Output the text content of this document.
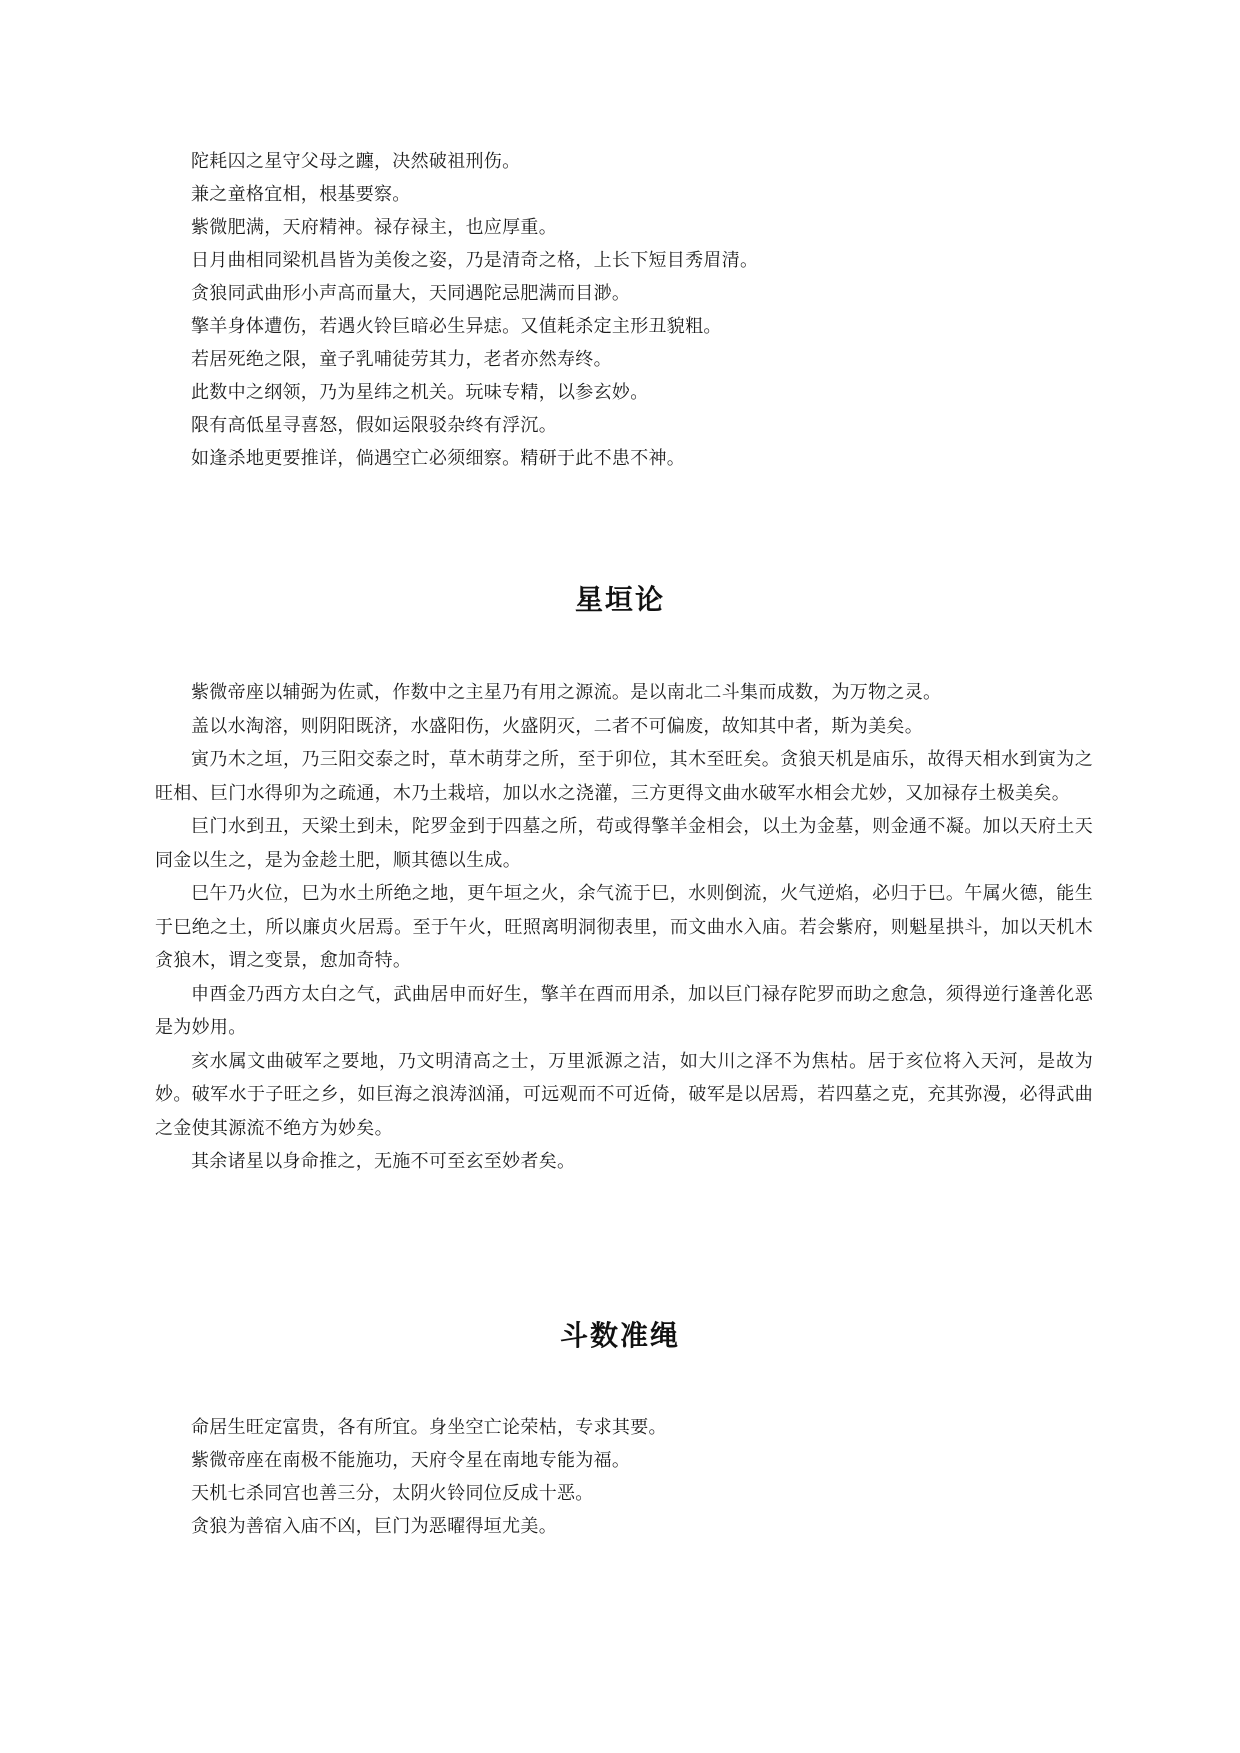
陀耗囚之星守父母之躔，决然破祖刑伤。
兼之童格宜相，根基要察。
紫微肥满，天府精神。禄存禄主，也应厚重。
日月曲相同梁机昌皆为美俊之姿，乃是清奇之格，上长下短目秀眉清。
贪狼同武曲形小声高而量大，天同遇陀忌肥满而目渺。
擎羊身体遭伤，若遇火铃巨暗必生异痣。又值耗杀定主形丑貌粗。
若居死绝之限，童子乳哺徒劳其力，老者亦然寿终。
此数中之纲领，乃为星纬之机关。玩味专精，以参玄妙。
限有高低星寻喜怒，假如运限驳杂终有浮沉。
如逢杀地更要推详，倘遇空亡必须细察。精研于此不患不神。
星垣论

紫微帝座以辅弼为佐贰，作数中之主星乃有用之源流。是以南北二斗集而成数，为万物之灵。

盖以水淘溶，则阴阳既济，水盛阳伤，火盛阴灭，二者不可偏废，故知其中者，斯为美矣。

寅乃木之垣，乃三阳交泰之时，草木萌芽之所，至于卯位，其木至旺矣。贪狼天机是庙乐，故得天相水到寅为之旺相、巨门水得卯为之疏通，木乃土栽培，加以水之浇灌，三方更得文曲水破军水相会尤妙，又加禄存土极美矣。

巨门水到丑，天梁土到未，陀罗金到于四墓之所，苟或得擎羊金相会，以土为金墓，则金通不凝。加以天府土天同金以生之，是为金趁土肥，顺其德以生成。

巳午乃火位，巳为水土所绝之地，更午垣之火，余气流于巳，水则倒流，火气逆焰，必归于巳。午属火德，能生于巳绝之土，所以廉贞火居焉。至于午火，旺照离明洞彻表里，而文曲水入庙。若会紫府，则魁星拱斗，加以天机木贪狼木，谓之变景，愈加奇特。

申酉金乃西方太白之气，武曲居申而好生，擎羊在酉而用杀，加以巨门禄存陀罗而助之愈急，须得逆行逢善化恶是为妙用。

亥水属文曲破军之要地，乃文明清高之士，万里派源之洁，如大川之泽不为焦枯。居于亥位将入天河，是故为妙。破军水于子旺之乡，如巨海之浪涛汹涌，可远观而不可近倚，破军是以居焉，若四墓之克，充其弥漫，必得武曲之金使其源流不绝方为妙矣。

其余诸星以身命推之，无施不可至玄至妙者矣。

斗数准绳
命居生旺定富贵，各有所宜。身坐空亡论荣枯，专求其要。
紫微帝座在南极不能施功，天府令星在南地专能为福。
天机七杀同宫也善三分，太阴火铃同位反成十恶。
贪狼为善宿入庙不凶，巨门为恶曜得垣尤美。
